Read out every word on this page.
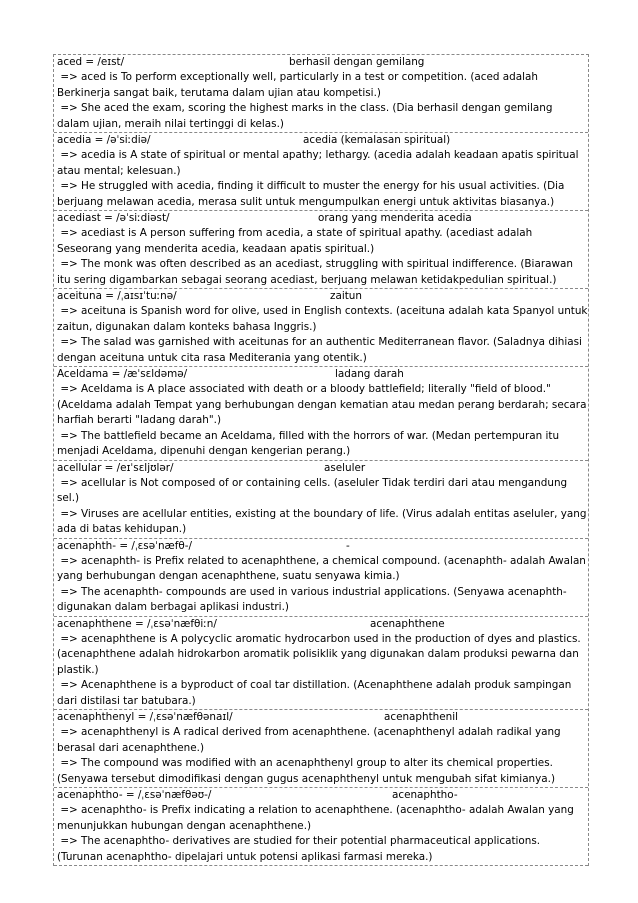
aced = /eɪst/	berhasil dengan gemilang
=> aced is To perform exceptionally well, particularly in a test or competition. (aced adalah Berkinerja sangat baik, terutama dalam ujian atau kompetisi.)
=> She aced the exam, scoring the highest marks in the class. (Dia berhasil dengan gemilang dalam ujian, meraih nilai tertinggi di kelas.)
acedia = /əˈsiːdiə/	acedia (kemalasan spiritual)
=> acedia is A state of spiritual or mental apathy; lethargy. (acedia adalah keadaan apatis spiritual atau mental; kelesuan.)
=> He struggled with acedia, finding it difficult to muster the energy for his usual activities. (Dia berjuang melawan acedia, merasa sulit untuk mengumpulkan energi untuk aktivitas biasanya.)
acediast = /əˈsiːdiəst/	orang yang menderita acedia
=> acediast is A person suffering from acedia, a state of spiritual apathy. (acediast adalah Seseorang yang menderita acedia, keadaan apatis spiritual.)
=> The monk was often described as an acediast, struggling with spiritual indifference. (Biarawan itu sering digambarkan sebagai seorang acediast, berjuang melawan ketidakpedulian spiritual.)
aceituna = /ˌaɪsɪˈtuːnə/	zaitun
=> aceituna is Spanish word for olive, used in English contexts. (aceituna adalah kata Spanyol untuk zaitun, digunakan dalam konteks bahasa Inggris.)
=> The salad was garnished with aceitunas for an authentic Mediterranean flavor. (Saladnya dihiasi dengan aceituna untuk cita rasa Mediterania yang otentik.)
Aceldama = /æˈsɛldəmə/	ladang darah
=> Aceldama is A place associated with death or a bloody battlefield; literally "field of blood." (Aceldama adalah Tempat yang berhubungan dengan kematian atau medan perang berdarah; secara harfiah berarti "ladang darah".)
=> The battlefield became an Aceldama, filled with the horrors of war. (Medan pertempuran itu menjadi Aceldama, dipenuhi dengan kengerian perang.)
acellular = /eɪˈsɛljʊlər/	aseluler
=> acellular is Not composed of or containing cells. (aseluler Tidak terdiri dari atau mengandung sel.)
=> Viruses are acellular entities, existing at the boundary of life. (Virus adalah entitas aseluler, yang ada di batas kehidupan.)
acenaphth- = /ˌɛsəˈnæfθ-/	-
=> acenaphth- is Prefix related to acenaphthene, a chemical compound. (acenaphth- adalah Awalan yang berhubungan dengan acenaphthene, suatu senyawa kimia.)
=> The acenaphth- compounds are used in various industrial applications. (Senyawa acenaphth- digunakan dalam berbagai aplikasi industri.)
acenaphthene = /ˌɛsəˈnæfθiːn/	acenaphthene
=> acenaphthene is A polycyclic aromatic hydrocarbon used in the production of dyes and plastics. (acenaphthene adalah hidrokarbon aromatik polisiklik yang digunakan dalam produksi pewarna dan plastik.)
=> Acenaphthene is a byproduct of coal tar distillation. (Acenaphthene adalah produk sampingan dari distilasi tar batubara.)
acenaphthenyl = /ˌɛsəˈnæfθənaɪl/	acenaphthenil
=> acenaphthenyl is A radical derived from acenaphthene. (acenaphthenyl adalah radikal yang berasal dari acenaphthene.)
=> The compound was modified with an acenaphthenyl group to alter its chemical properties. (Senyawa tersebut dimodifikasi dengan gugus acenaphthenyl untuk mengubah sifat kimianya.)
acenaphtho- = /ˌɛsəˈnæfθəʊ-/	acenaphtho-
=> acenaphtho- is Prefix indicating a relation to acenaphthene. (acenaphtho- adalah Awalan yang menunjukkan hubungan dengan acenaphthene.)
=> The acenaphtho- derivatives are studied for their potential pharmaceutical applications. (Turunan acenaphtho- dipelajari untuk potensi aplikasi farmasi mereka.)
